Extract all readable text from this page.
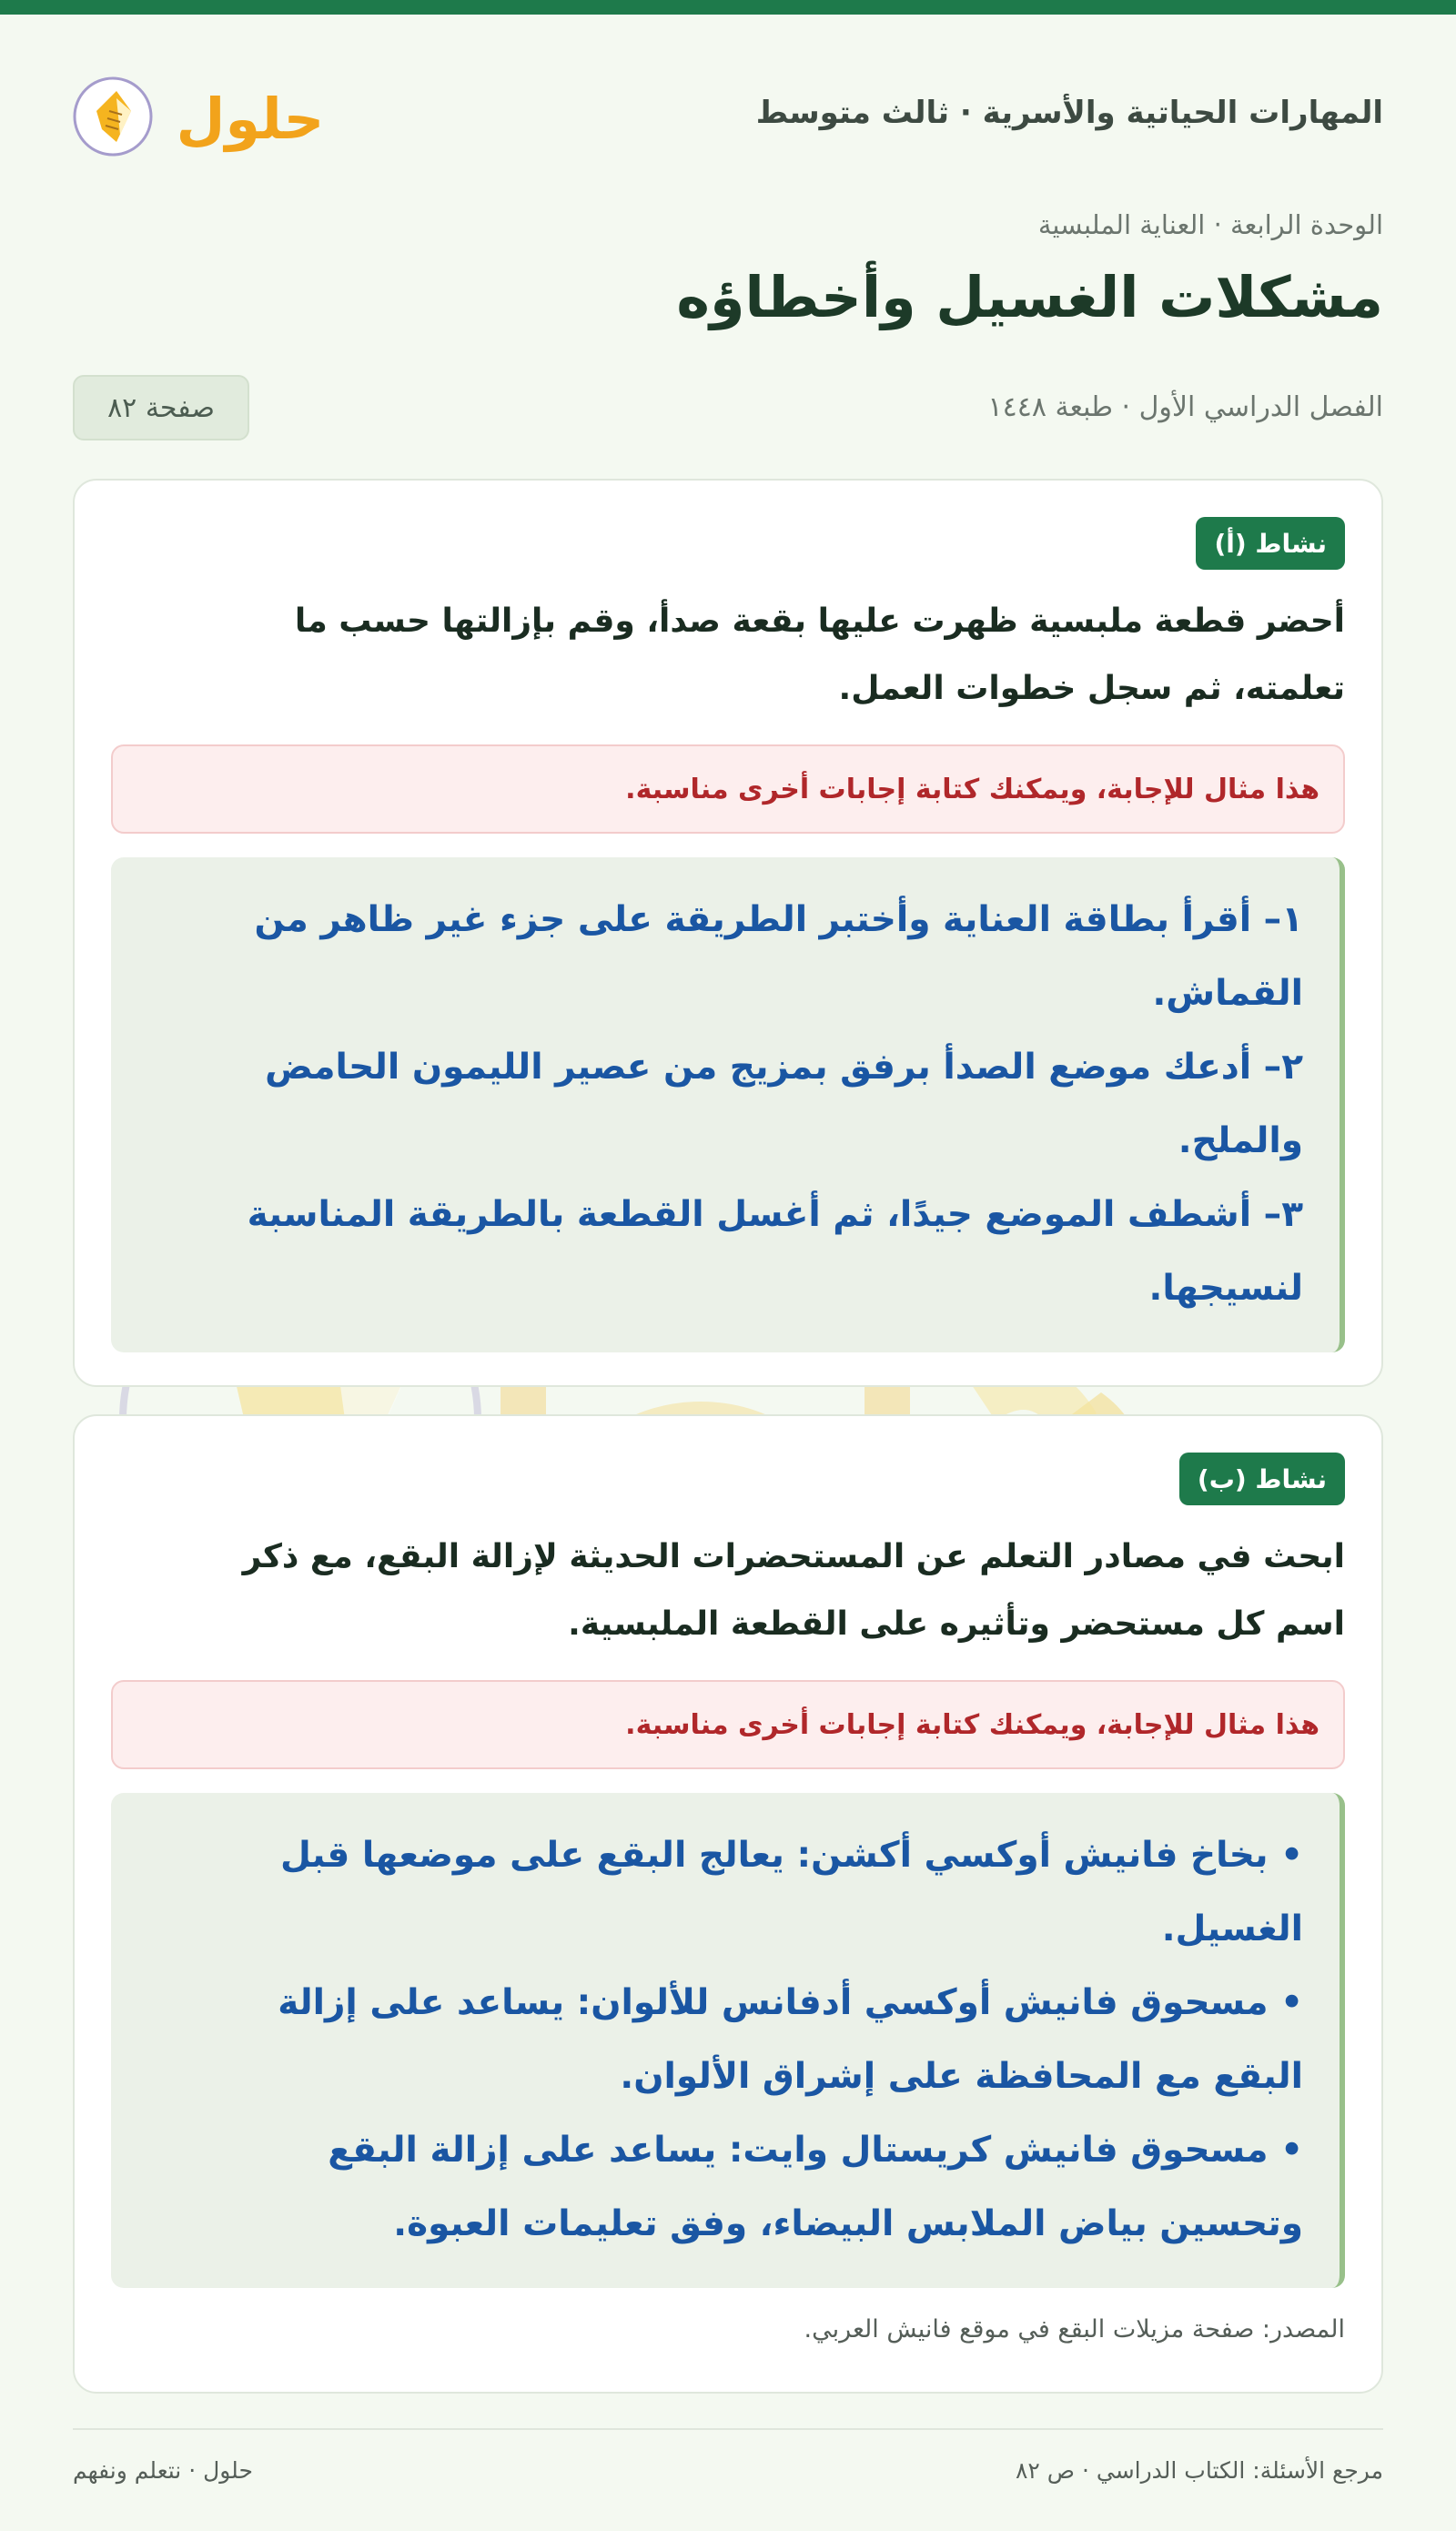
المهارات الحياتية والأسرية · ثالث متوسط
حلول
الوحدة الرابعة · العناية الملبسية
مشكلات الغسيل وأخطاؤه
الفصل الدراسي الأول · طبعة ١٤٤٨
صفحة ٨٢
نشاط (أ)
أحضر قطعة ملبسية ظهرت عليها بقعة صدأ، وقم بإزالتها حسب ما
تعلمته، ثم سجل خطوات العمل.
هذا مثال للإجابة، ويمكنك كتابة إجابات أخرى مناسبة.
١– أقرأ بطاقة العناية وأختبر الطريقة على جزء غير ظاهر من
القماش.
٢– أدعك موضع الصدأ برفق بمزيج من عصير الليمون الحامض
والملح.
٣– أشطف الموضع جيدًا، ثم أغسل القطعة بالطريقة المناسبة
لنسيجها.
نشاط (ب)
ابحث في مصادر التعلم عن المستحضرات الحديثة لإزالة البقع، مع ذكر
اسم كل مستحضر وتأثيره على القطعة الملبسية.
هذا مثال للإجابة، ويمكنك كتابة إجابات أخرى مناسبة.
• بخاخ فانيش أوكسي أكشن: يعالج البقع على موضعها قبل
الغسيل.
• مسحوق فانيش أوكسي أدفانس للألوان: يساعد على إزالة
البقع مع المحافظة على إشراق الألوان.
• مسحوق فانيش كريستال وايت: يساعد على إزالة البقع
وتحسين بياض الملابس البيضاء، وفق تعليمات العبوة.
المصدر: صفحة مزيلات البقع في موقع فانيش العربي.
مرجع الأسئلة: الكتاب الدراسي · ص ٨٢
حلول · نتعلم ونفهم
